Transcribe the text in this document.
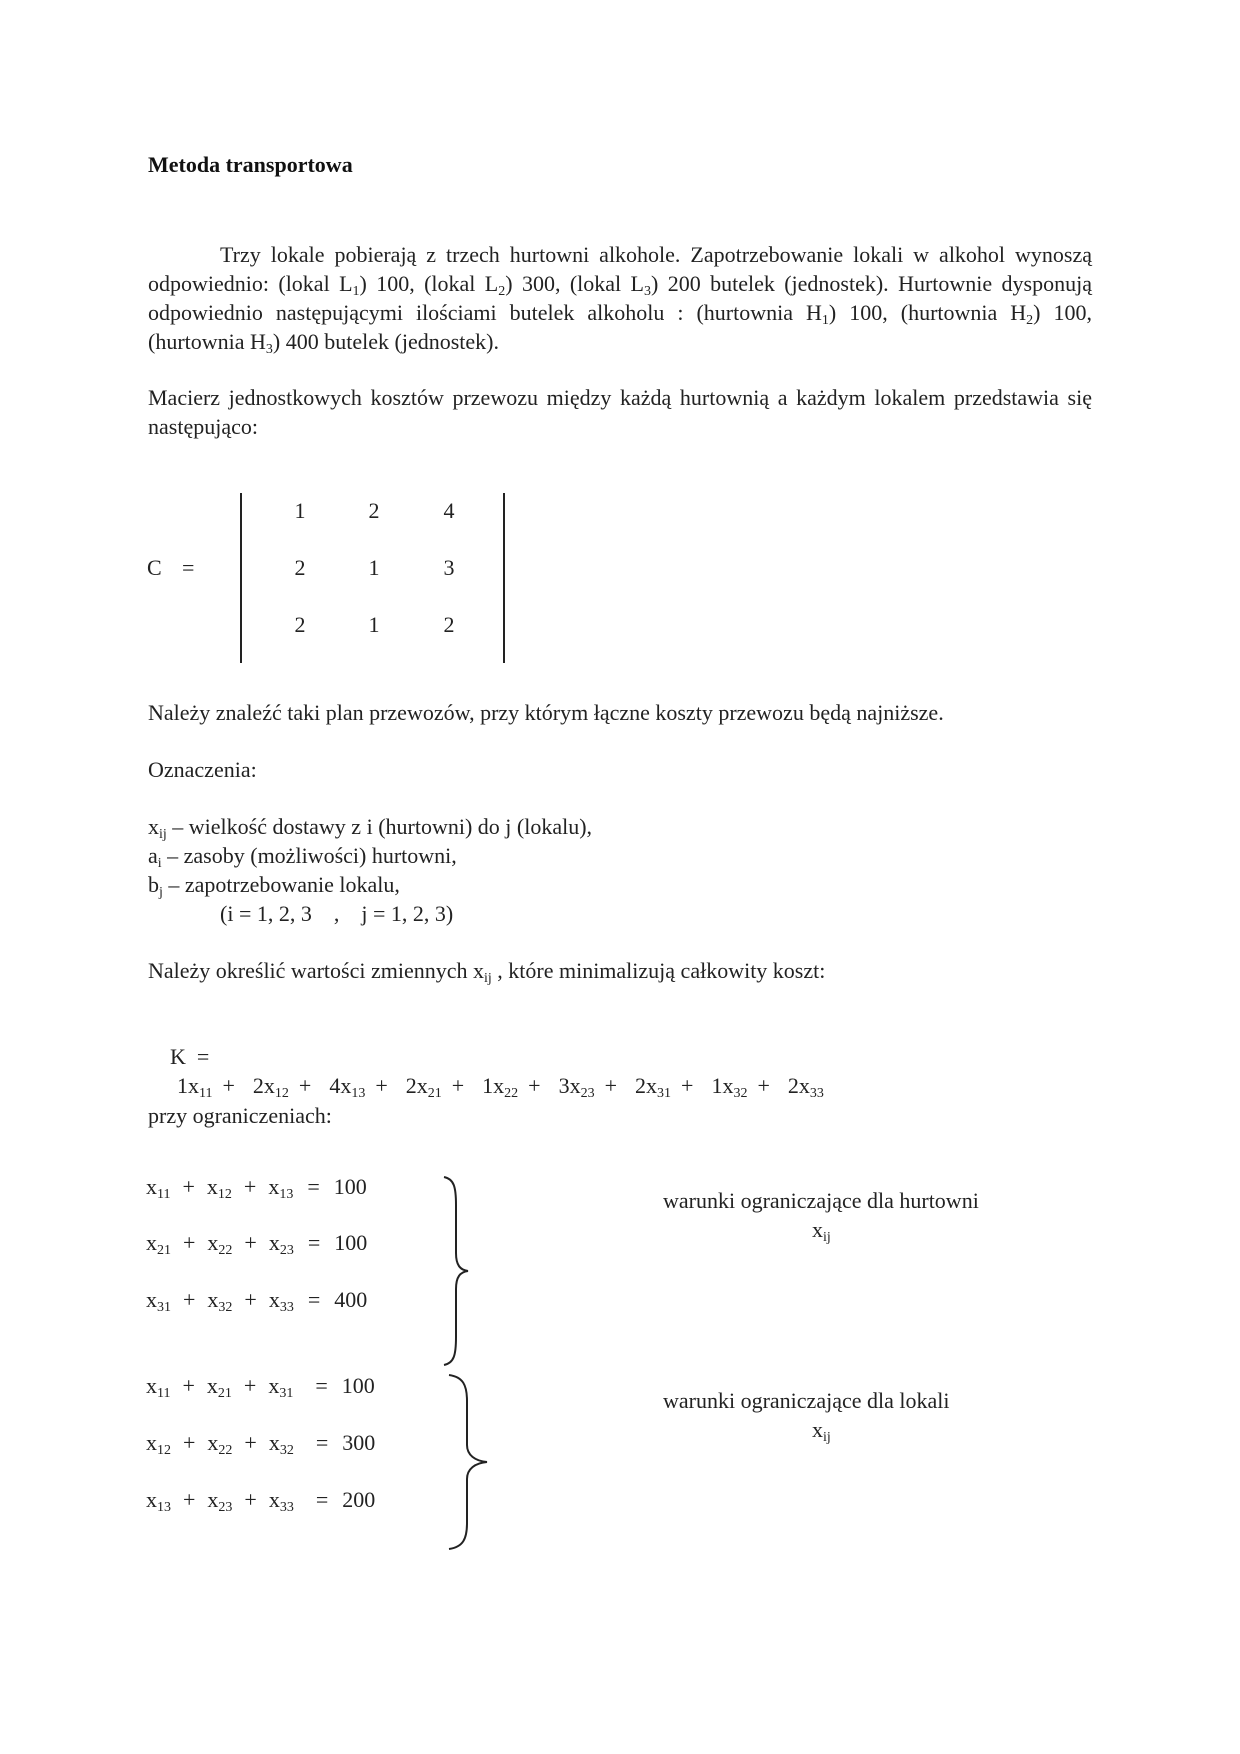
Metoda transportowa
Trzy lokale pobierają z trzech hurtowni alkohole. Zapotrzebowanie lokali w alkohol wynoszą odpowiednio: (lokal $L_1$) 100, (lokal $L_2$) 300, (lokal $L_3$) 200 butelek (jednostek). Hurtownie dysponują odpowiednio następującymi ilościami butelek alkoholu : (hurtownia $H_1$) 100, (hurtownia $H_2$) 100, (hurtownia $H_3$) 400 butelek (jednostek).
Macierz jednostkowych kosztów przewozu między każdą hurtownią a każdym lokalem przedstawia się następująco:
C =
1	2	4
2	1	3
2	1	2
Należy znaleźć taki plan przewozów, przy którym łączne koszty przewozu będą najniższe.
Oznaczenia:
$x_{ij}$ – wielkość dostawy z i (hurtowni) do j (lokalu),
$a_i$ – zasoby (możliwości) hurtowni,
$b_j$ – zapotrzebowanie lokalu,
(i = 1, 2, 3    ,    j = 1, 2, 3)
Należy określić wartości zmiennych $x_{ij}$ , które minimalizują całkowity koszt:

K  =
$1x_{11} + 2x_{12} + 4x_{13} + 2x_{21} + 1x_{22} + 3x_{23} + 2x_{31} + 1x_{32} + 2x_{33}$
przy ograniczeniach:
$x_{11} + x_{12} + x_{13} = 100$
$x_{21} + x_{22} + x_{23} = 100$
$x_{31} + x_{32} + x_{33} = 400$
$x_{11} + x_{21} + x_{31} = 100$
$x_{12} + x_{22} + x_{32} = 300$
$x_{13} + x_{23} + x_{33} = 200$
warunki ograniczające dla hurtowni
$x_{ij}$
warunki ograniczające dla lokali
$x_{ij}$
